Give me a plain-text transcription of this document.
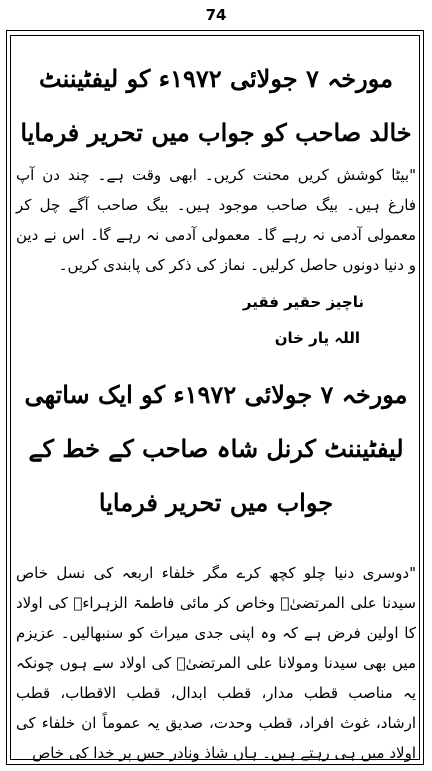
74
مورخہ ۷ جولائی ۱۹۷۲ء کو لیفٹیننٹ خالد صاحب کو جواب میں تحریر فرمایا

"بیٹا کوشش کریں محنت کریں۔ ابھی وقت ہے۔ چند دن آپ فارغ ہیں۔ بیگ صاحب موجود ہیں۔ بیگ صاحب آگے چل کر معمولی آدمی نہ رہے گا۔ معمولی آدمی نہ رہے گا۔ اس نے دین و دنیا دونوں حاصل کرلیں۔ نماز کی ذکر کی پابندی کریں۔

ناچیز حقیر فقیر

اللہ یار خان

مورخہ ۷ جولائی ۱۹۷۲ء کو ایک ساتھی لیفٹیننٹ کرنل شاہ صاحب کے خط کے جواب میں تحریر فرمایا

"دوسری دنیا چلو کچھ کرے مگر خلفاء اربعہ کی نسل خاص سیدنا علی المرتضیٰؓ وخاص کر مائی فاطمۃ الزہراءؓ کی اولاد کا اولین فرض ہے کہ وہ اپنی جدی میراث کو سنبھالیں۔ عزیزم میں بھی سیدنا ومولانا علی المرتضیٰؓ کی اولاد سے ہوں چونکہ یہ مناصب قطب مدار، قطب ابدال، قطب الاقطاب، قطب ارشاد، غوث افراد، قطب وحدت، صدیق یہ عموماً ان خلفاء کی اولاد میں ہی رہتے ہیں۔ ہاں شاذ ونادر جس پر خدا کی خاص
